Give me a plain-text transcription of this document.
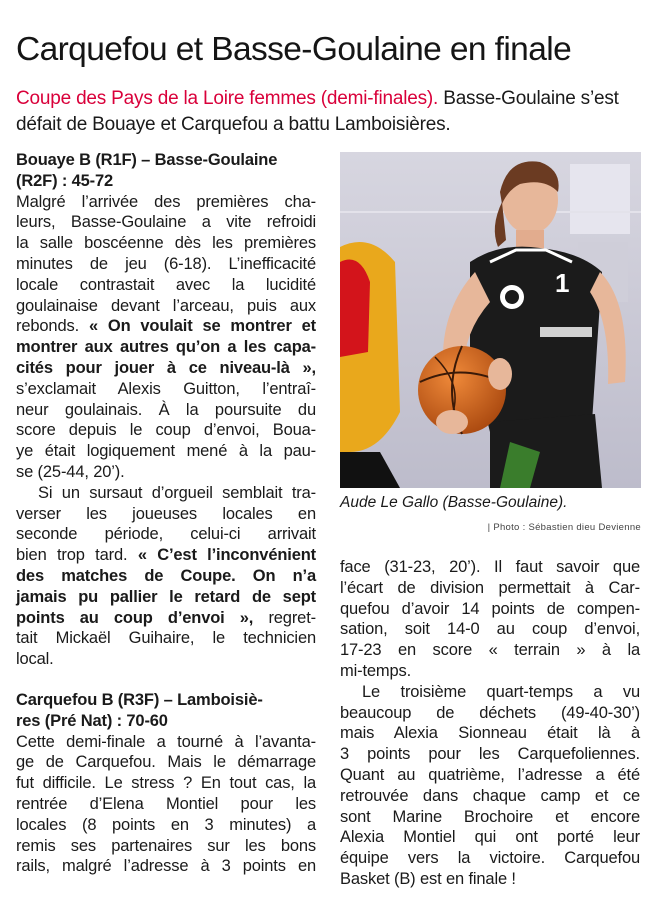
Carquefou et Basse-Goulaine en finale
Coupe des Pays de la Loire femmes (demi-finales). Basse-Goulaine s’est défait de Bouaye et Carquefou a battu Lamboisières.

Bouaye B (R1F) – Basse-Goulaine

(R2F) : 45-72

Malgré l’arrivée des premières cha-

leurs, Basse-Goulaine a vite refroidi

la salle boscéenne dès les premières

minutes de jeu (6-18). L’inefficacité

locale contrastait avec la lucidité

goulainaise devant l’arceau, puis aux

rebonds. « On voulait se montrer et

montrer aux autres qu’on a les capa-

cités pour jouer à ce niveau-là »,

s’exclamait Alexis Guitton, l’entraî-

neur goulainais. À la poursuite du

score depuis le coup d’envoi, Boua-

ye était logiquement mené à la pau-

se (25-44, 20’).

Si un sursaut d’orgueil semblait tra-

verser les joueuses locales en

seconde période, celui-ci arrivait

bien trop tard. « C’est l’inconvénient

des matches de Coupe. On n’a

jamais pu pallier le retard de sept

points au coup d’envoi », regret-

tait Mickaël Guihaire, le technicien

local.

Carquefou B (R3F) – Lamboisiè-

res (Pré Nat) : 70-60

Cette demi-finale a tourné à l’avanta-

ge de Carquefou. Mais le démarrage

fut difficile. Le stress ? En tout cas, la

rentrée d’Elena Montiel pour les

locales (8 points en 3 minutes) a

remis ses partenaires sur les bons

rails, malgré l’adresse à 3 points en

1
Aude Le Gallo (Basse-Goulaine).
| Photo : Sébastien dieu Devienne

face (31-23, 20’). Il faut savoir que

l’écart de division permettait à Car-

quefou d’avoir 14 points de compen-

sation, soit 14-0 au coup d’envoi,

17-23 en score « terrain » à la

mi-temps.

Le troisième quart-temps a vu

beaucoup de déchets (49-40-30’)

mais Alexia Sionneau était là à

3 points pour les Carquefoliennes.

Quant au quatrième, l’adresse a été

retrouvée dans chaque camp et ce

sont Marine Brochoire et encore

Alexia Montiel qui ont porté leur

équipe vers la victoire. Carquefou

Basket (B) est en finale !
